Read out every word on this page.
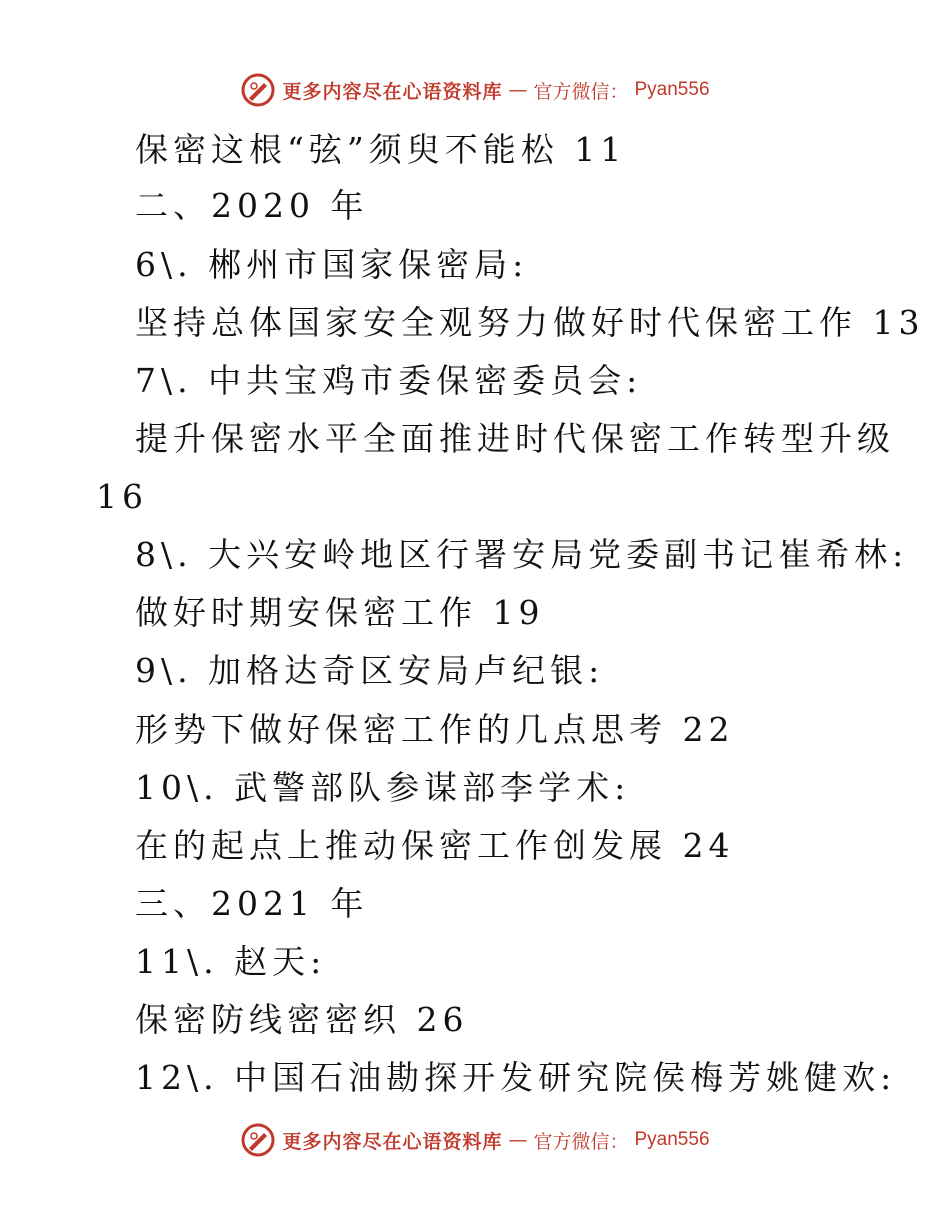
更多内容尽在心语资料库 — 官方微信： Pyan556
保密这根“弦”须臾不能松 11
二、2020 年
6\. 郴州市国家保密局:
坚持总体国家安全观努力做好时代保密工作 13
7\. 中共宝鸡市委保密委员会:
提升保密水平全面推进时代保密工作转型升级
16
8\. 大兴安岭地区行署安局党委副书记崔希林:
做好时期安保密工作 19
9\. 加格达奇区安局卢纪银:
形势下做好保密工作的几点思考 22
10\. 武警部队参谋部李学术:
在的起点上推动保密工作创发展 24
三、2021 年
11\. 赵天:
保密防线密密织 26
12\. 中国石油勘探开发研究院侯梅芳姚健欢:
更多内容尽在心语资料库 — 官方微信： Pyan556
